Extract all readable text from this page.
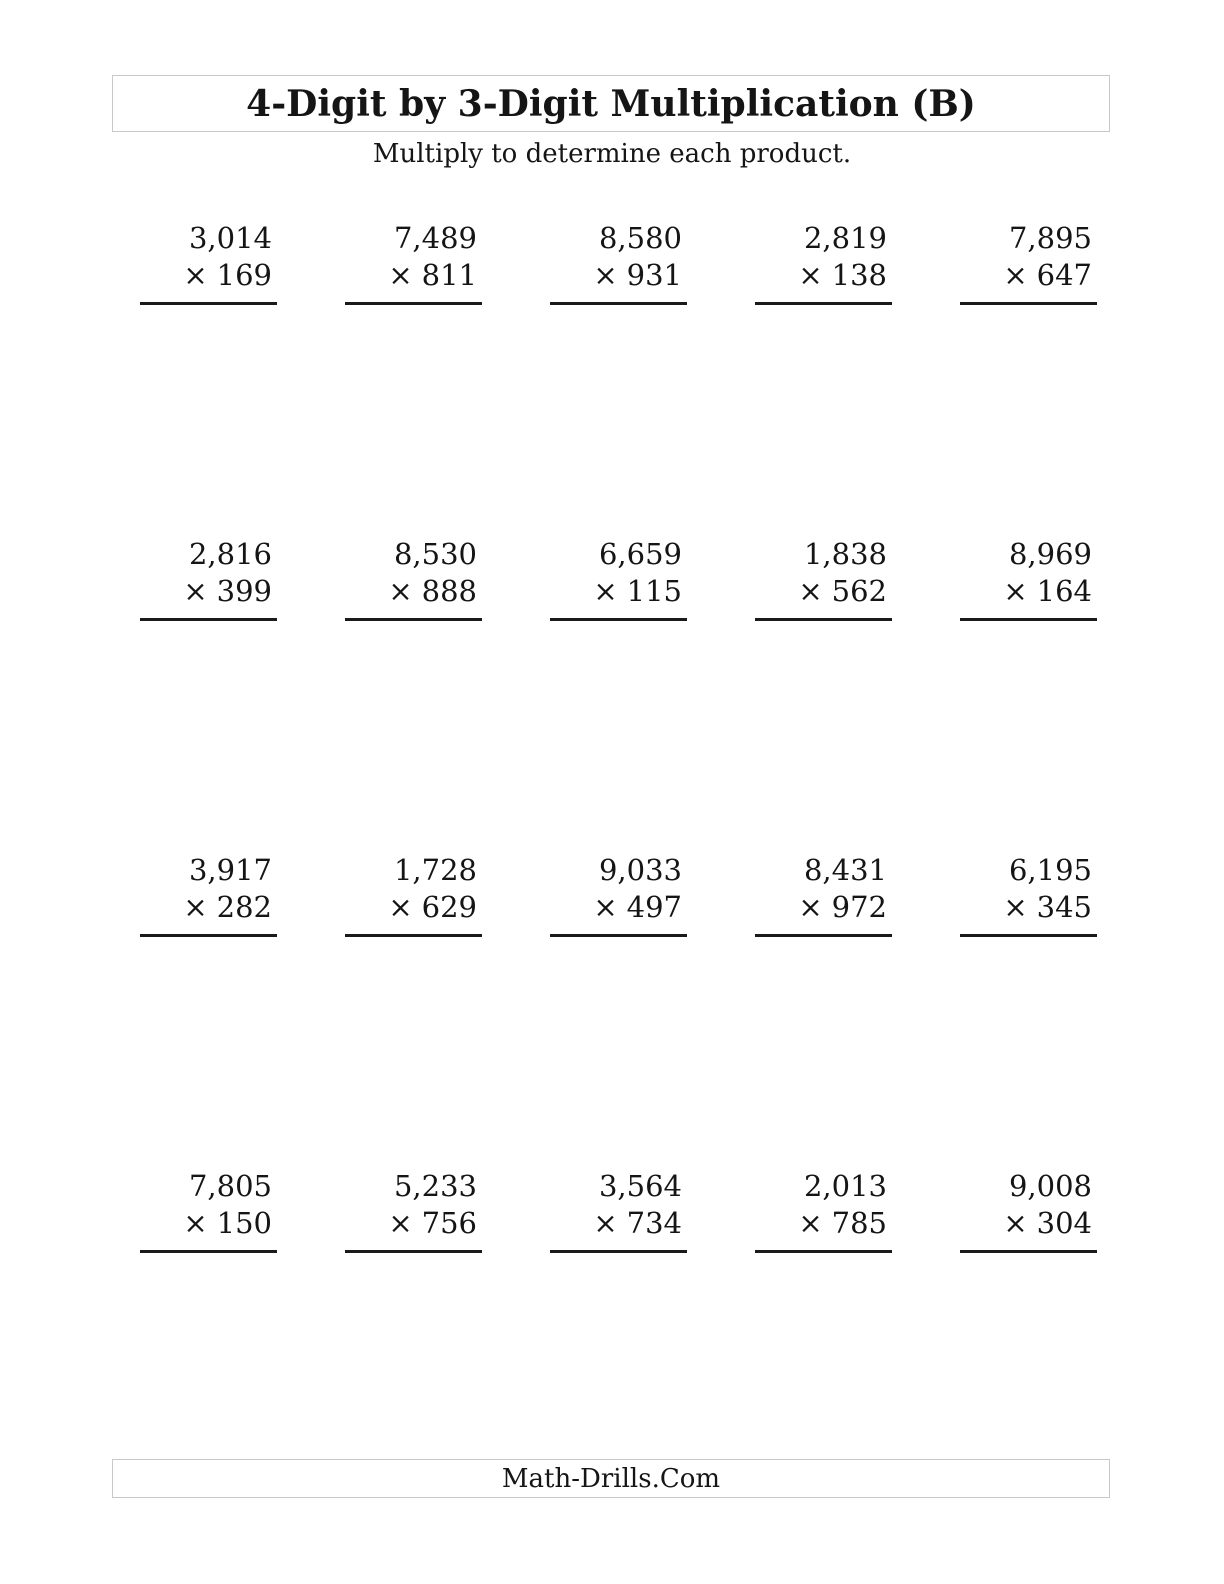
4-Digit by 3-Digit Multiplication (B)
Multiply to determine each product.
3,014
× 169
7,489
× 811
8,580
× 931
2,819
× 138
7,895
× 647
2,816
× 399
8,530
× 888
6,659
× 115
1,838
× 562
8,969
× 164
3,917
× 282
1,728
× 629
9,033
× 497
8,431
× 972
6,195
× 345
7,805
× 150
5,233
× 756
3,564
× 734
2,013
× 785
9,008
× 304
Math-Drills.Com
